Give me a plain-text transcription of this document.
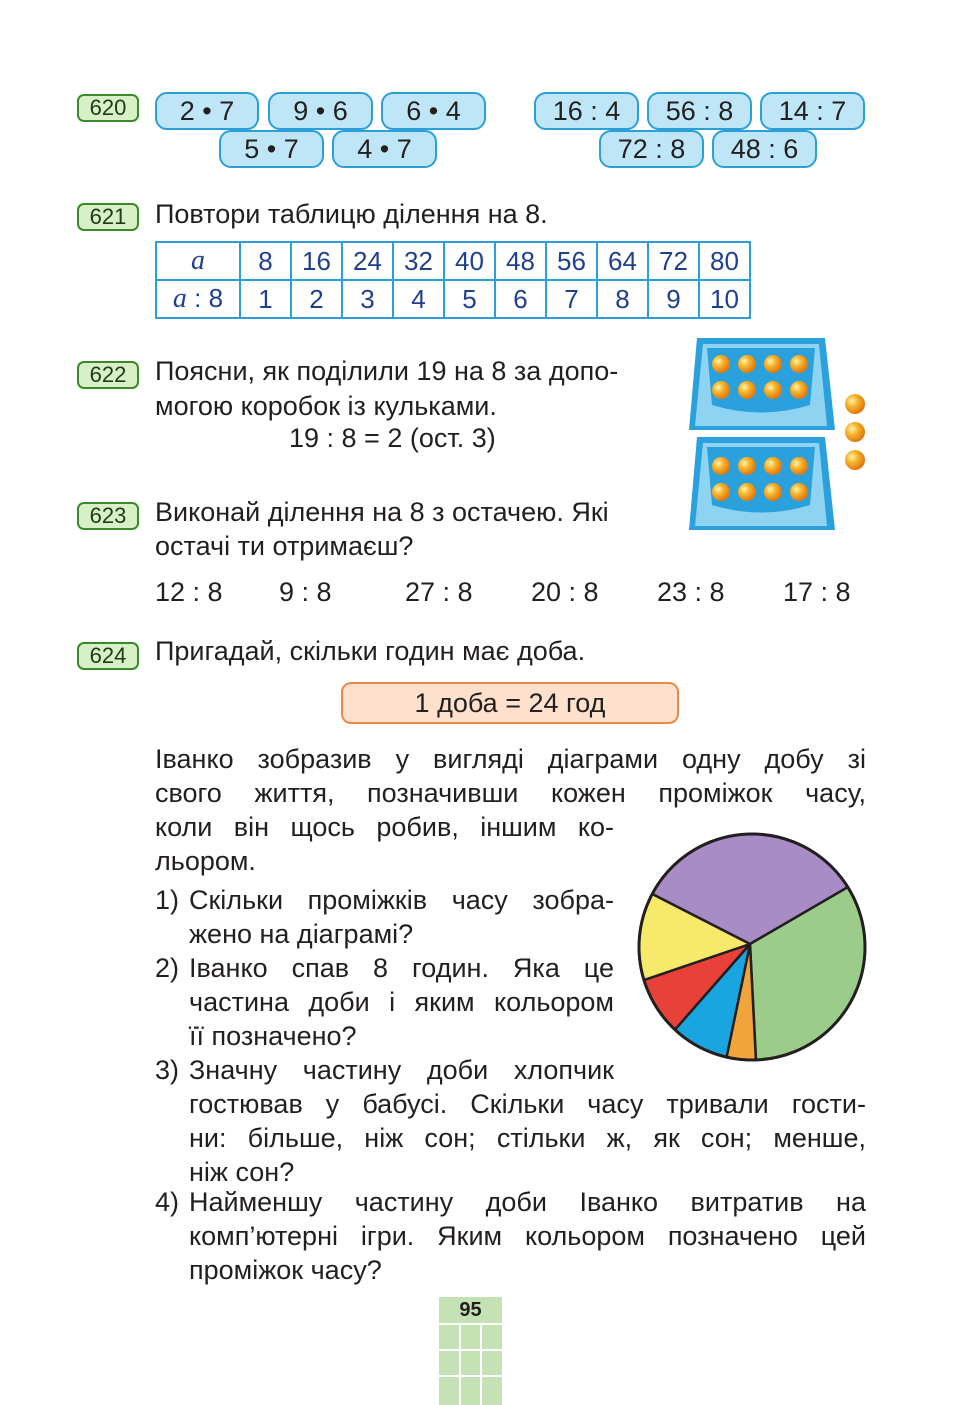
620	2 • 7	9 • 6	6 • 4
5 • 7	4 • 7
16 : 4	56 : 8	14 : 7
72 : 8	48 : 6
621	Повтори таблицю ділення на 8.
a	8	16	24	32	40	48	56	64	72	80
a : 8	1	2	3	4	5	6	7	8	9	10
622	Поясни, як поділили 19 на 8 за допо-
могою коробок із кульками.
19 : 8 = 2 (ост. 3)
623	Виконай ділення на 8 з остачею. Які
остачі ти отримаєш?
12 : 8 9 : 8	27 : 8 20 : 8 23 : 8 17 : 8
624	Пригадай, скільки годин має доба.
1 доба = 24 год
Іванко зобразив у вигляді діаграми одну добу зі
свого життя, позначивши кожен проміжок часу,
коли він щось робив, іншим ко-
льором.
1) Скільки проміжків часу зобра-
жено на діаграмі?
2) Іванко спав 8 годин. Яка це
частина доби і яким кольором
її позначено?
3) Значну частину доби хлопчик
гостював у бабусі. Скільки часу тривали гости-
ни: більше, ніж сон; стільки ж, як сон; менше,
ніж сон?
4) Найменшу частину доби Іванко витратив на
комп’ютерні ігри. Яким кольором позначено цей
проміжок часу?
95
